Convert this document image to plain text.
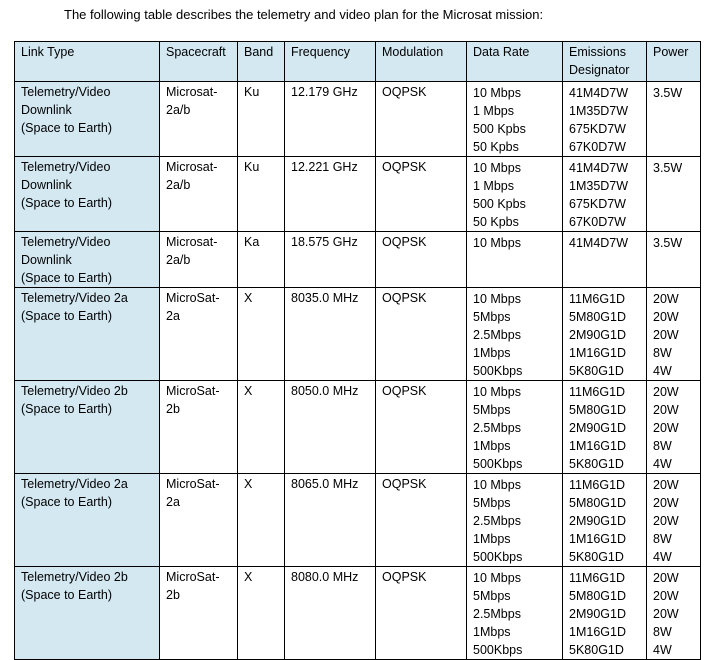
The following table describes the telemetry and video plan for the Microsat mission:
Link Type	Spacecraft	Band	Frequency	Modulation	Data Rate	Emissions Designator	Power

Telemetry/Video
Downlink
(Space to Earth)	Microsat-
2a/b	Ku	12.179 GHz	OQPSK	10 Mbps
1 Mbps
500 Kpbs
50 Kpbs	41M4D7W
1M35D7W
675KD7W
67K0D7W	3.5W

Telemetry/Video
Downlink
(Space to Earth)	Microsat-
2a/b	Ku	12.221 GHz	OQPSK	10 Mbps
1 Mbps
500 Kpbs
50 Kpbs	41M4D7W
1M35D7W
675KD7W
67K0D7W	3.5W

Telemetry/Video
Downlink
(Space to Earth)	Microsat-
2a/b	Ka	18.575 GHz	OQPSK	10 Mbps	41M4D7W	3.5W

Telemetry/Video 2a
(Space to Earth)	MicroSat-
2a	X	8035.0 MHz	OQPSK	10 Mbps
5Mbps
2.5Mbps
1Mbps
500Kbps	11M6G1D
5M80G1D
2M90G1D
1M16G1D
5K80G1D	20W
20W
20W
8W
4W

Telemetry/Video 2b
(Space to Earth)	MicroSat-
2b	X	8050.0 MHz	OQPSK	10 Mbps
5Mbps
2.5Mbps
1Mbps
500Kbps	11M6G1D
5M80G1D
2M90G1D
1M16G1D
5K80G1D	20W
20W
20W
8W
4W

Telemetry/Video 2a
(Space to Earth)	MicroSat-
2a	X	8065.0 MHz	OQPSK	10 Mbps
5Mbps
2.5Mbps
1Mbps
500Kbps	11M6G1D
5M80G1D
2M90G1D
1M16G1D
5K80G1D	20W
20W
20W
8W
4W

Telemetry/Video 2b
(Space to Earth)	MicroSat-
2b	X	8080.0 MHz	OQPSK	10 Mbps
5Mbps
2.5Mbps
1Mbps
500Kbps	11M6G1D
5M80G1D
2M90G1D
1M16G1D
5K80G1D	20W
20W
20W
8W
4W
